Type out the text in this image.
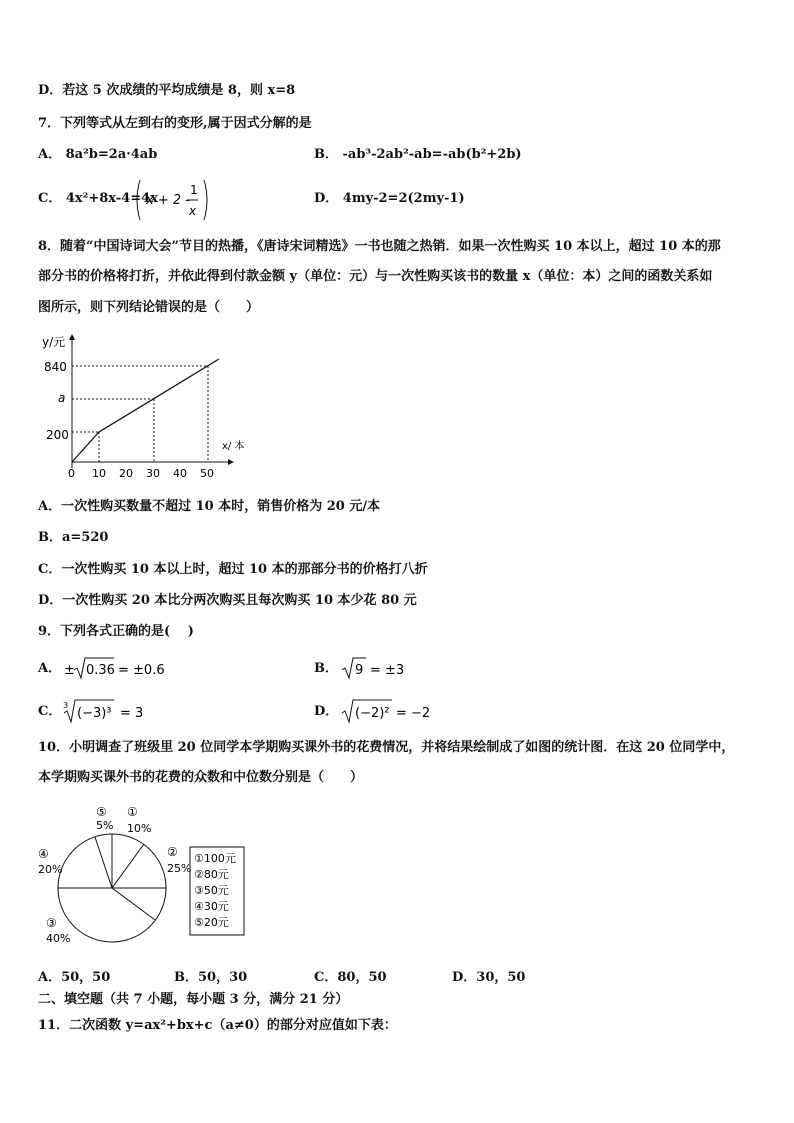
D．若这 5 次成绩的平均成绩是 8，则 x=8
7．下列等式从左到右的变形,属于因式分解的是
A． 8a²b=2a·4ab	B． -ab³-2ab²-ab=-ab(b²+2b)
C． 4x²+8x-4=4x
x + 2 -
1
x
D． 4my-2=2(2my-1)
8．随着“中国诗词大会”节目的热播，《唐诗宋词精选》一书也随之热销．如果一次性购买 10 本以上，超过 10 本的那
部分书的价格将打折，并依此得到付款金额 y（单位：元）与一次性购买该书的数量 x（单位：本）之间的函数关系如
图所示，则下列结论错误的是（　　）
y/元
x/ 本
840
a
200
0 10 20 30 40 50
A．一次性购买数量不超过 10 本时，销售价格为 20 元/本
B．a=520
C．一次性购买 10 本以上时，超过 10 本的那部分书的价格打八折
D．一次性购买 20 本比分两次购买且每次购买 10 本少花 80 元
9．下列各式正确的是(　 )
A． ± 0.36 = ±0.6	B． 9 = ±3
C． 3
(−3)³ = 3	D． (−2)² = −2
10．小明调查了班级里 20 位同学本学期购买课外书的花费情况，并将结果绘制成了如图的统计图．在这 20 位同学中，
本学期购买课外书的花费的众数和中位数分别是（　　）
⑤
5%
①
10%
②
25%
④
20%
③
40%
①100元
②80元
③50元
④30元
⑤20元
A．50，50	B．50，30	C．80，50	D．30，50
二、填空题（共 7 小题，每小题 3 分，满分 21 分）
11．二次函数 y=ax²+bx+c（a≠0）的部分对应值如下表：
